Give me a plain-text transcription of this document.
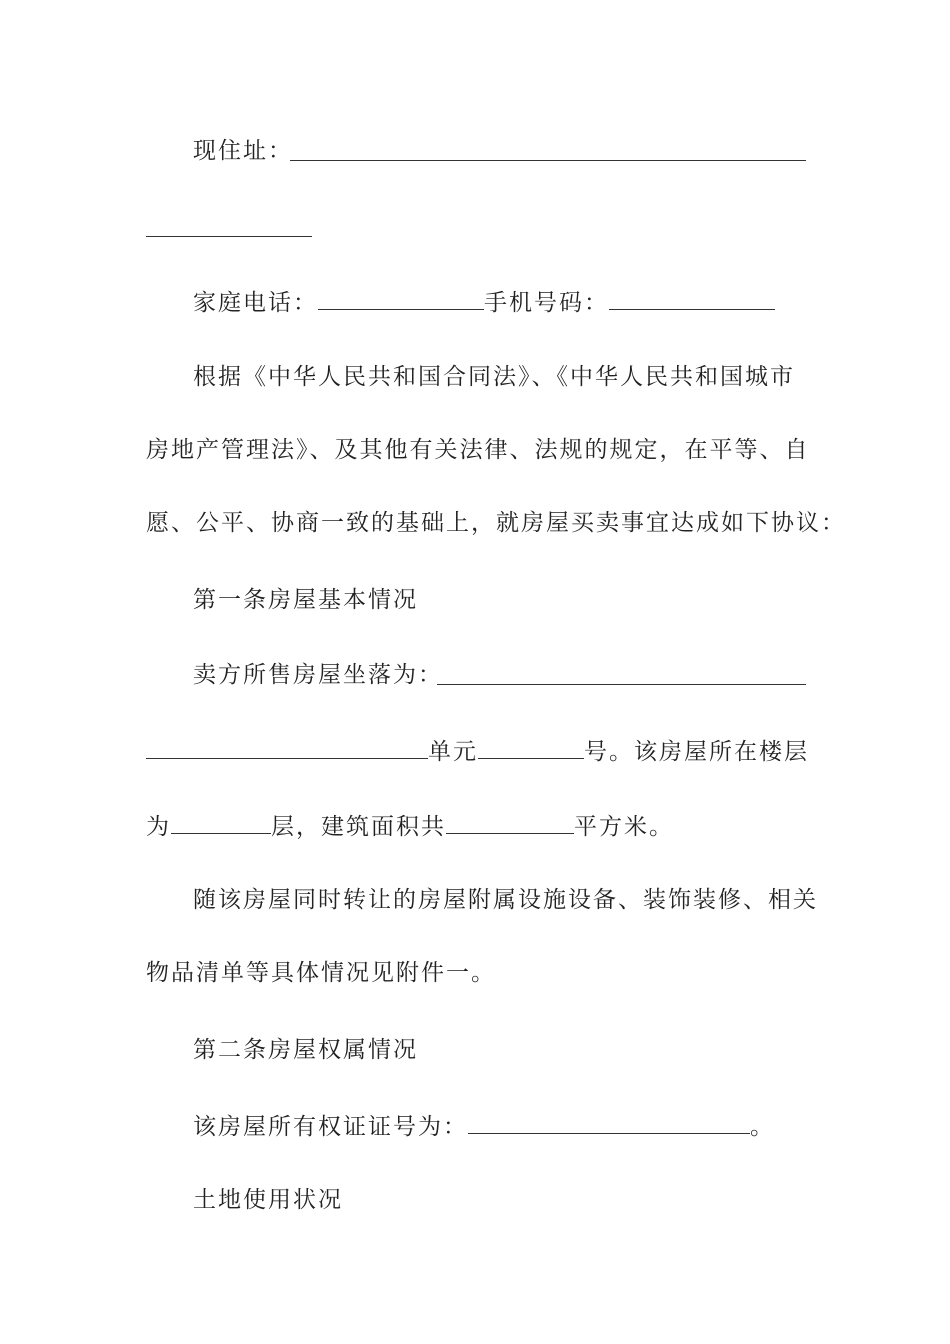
现住址：
家庭电话：	手机号码：
根据《中华人民共和国合同法》、《中华人民共和国城市
房地产管理法》、及其他有关法律、法规的规定，在平等、自
愿、公平、协商一致的基础上，就房屋买卖事宜达成如下协议：
第一条房屋基本情况
卖方所售房屋坐落为：
单元	号。该房屋所在楼层
为	层，建筑面积共	平方米。
随该房屋同时转让的房屋附属设施设备、装饰装修、相关
物品清单等具体情况见附件一。
第二条房屋权属情况
该房屋所有权证证号为：	。
土地使用状况
